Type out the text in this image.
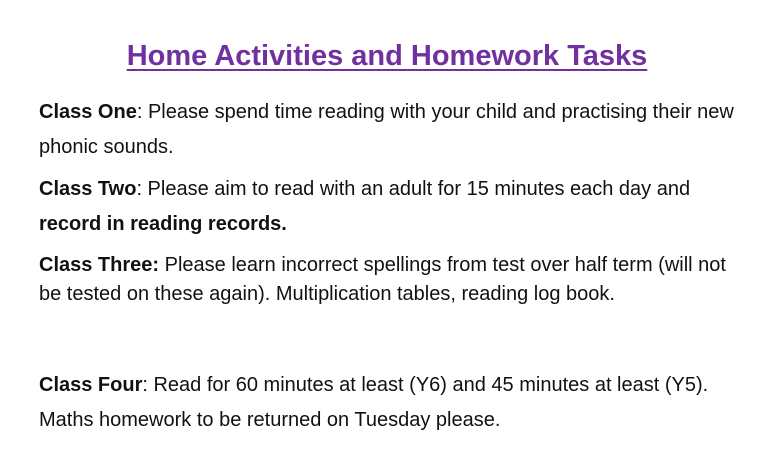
Home Activities and Homework Tasks

Class One: Please spend time reading with your child and practising their new phonic sounds.

Class Two: Please aim to read with an adult for 15 minutes each day and record in reading records.

Class Three: Please learn incorrect spellings from test over half term (will not be tested on these again). Multiplication tables, reading log book.

Class Four: Read for 60 minutes at least (Y6) and 45 minutes at least (Y5). Maths homework to be returned on Tuesday please.
